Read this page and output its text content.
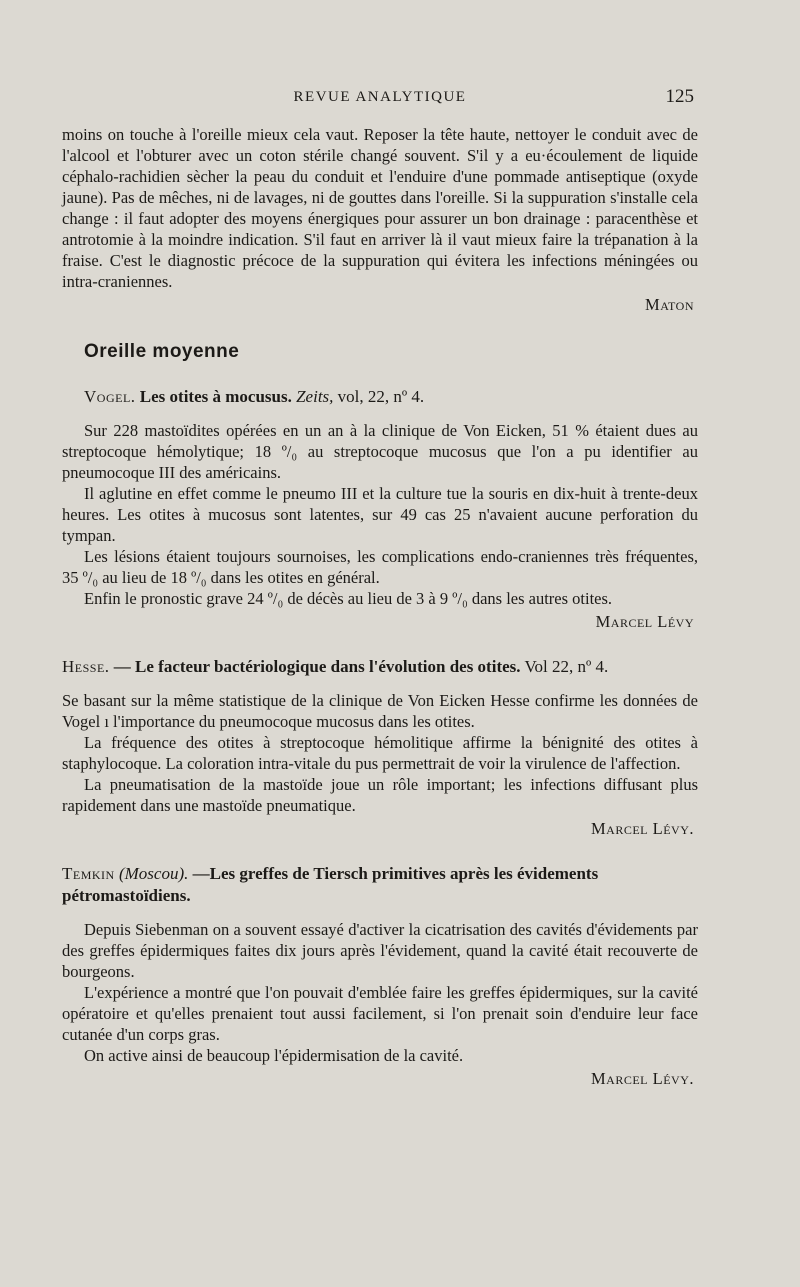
REVUE ANALYTIQUE	125

moins on touche à l'oreille mieux cela vaut. Reposer la tête haute, nettoyer le conduit avec de l'alcool et l'obturer avec un coton stérile changé souvent. S'il y a eu·écoulement de liquide céphalo-rachidien sècher la peau du conduit et l'enduire d'une pommade antiseptique (oxyde jaune). Pas de mêches, ni de lavages, ni de gouttes dans l'oreille. Si la suppuration s'installe cela change : il faut adopter des moyens énergiques pour assurer un bon drainage : paracenthèse et antrotomie à la moindre indication. S'il faut en arriver là il vaut mieux faire la trépanation à la fraise. C'est le diagnostic précoce de la suppuration qui évitera les infections méningées ou intra-craniennes.

Maton

Oreille moyenne
Vogel. Les otites à mocusus. Zeits, vol, 22, nº 4.

Sur 228 mastoïdites opérées en un an à la clinique de Von Eicken, 51 % étaient dues au streptocoque hémolytique; 18 º/₀ au streptocoque mucosus que l'on a pu identifier au pneumocoque III des américains.

Il aglutine en effet comme le pneumo III et la culture tue la souris en dix-huit à trente-deux heures. Les otites à mucosus sont latentes, sur 49 cas 25 n'avaient aucune perforation du tympan.

Les lésions étaient toujours sournoises, les complications endo-craniennes très fréquentes, 35 º/₀ au lieu de 18 º/₀ dans les otites en général.

Enfin le pronostic grave 24 º/₀ de décès au lieu de 3 à 9 º/₀ dans les autres otites.

Marcel Lévy

Hesse. — Le facteur bactériologique dans l'évolution des otites. Vol 22, nº 4.

Se basant sur la même statistique de la clinique de Von Eicken Hesse confirme les données de Vogel ı l'importance du pneumocoque mucosus dans les otites.

La fréquence des otites à streptocoque hémolitique affirme la bénignité des otites à staphylocoque. La coloration intra-vitale du pus permettrait de voir la virulence de l'affection.

La pneumatisation de la mastoïde joue un rôle important; les infections diffusant plus rapidement dans une mastoïde pneumatique.

Marcel Lévy.

Temkin (Moscou). —Les greffes de Tiersch primitives après les évidements pétromastoïdiens.

Depuis Siebenman on a souvent essayé d'activer la cicatrisation des cavités d'évidements par des greffes épidermiques faites dix jours après l'évidement, quand la cavité était recouverte de bourgeons.

L'expérience a montré que l'on pouvait d'emblée faire les greffes épidermiques, sur la cavité opératoire et qu'elles prenaient tout aussi facilement, si l'on prenait soin d'enduire leur face cutanée d'un corps gras.

On active ainsi de beaucoup l'épidermisation de la cavité.

Marcel Lévy.
